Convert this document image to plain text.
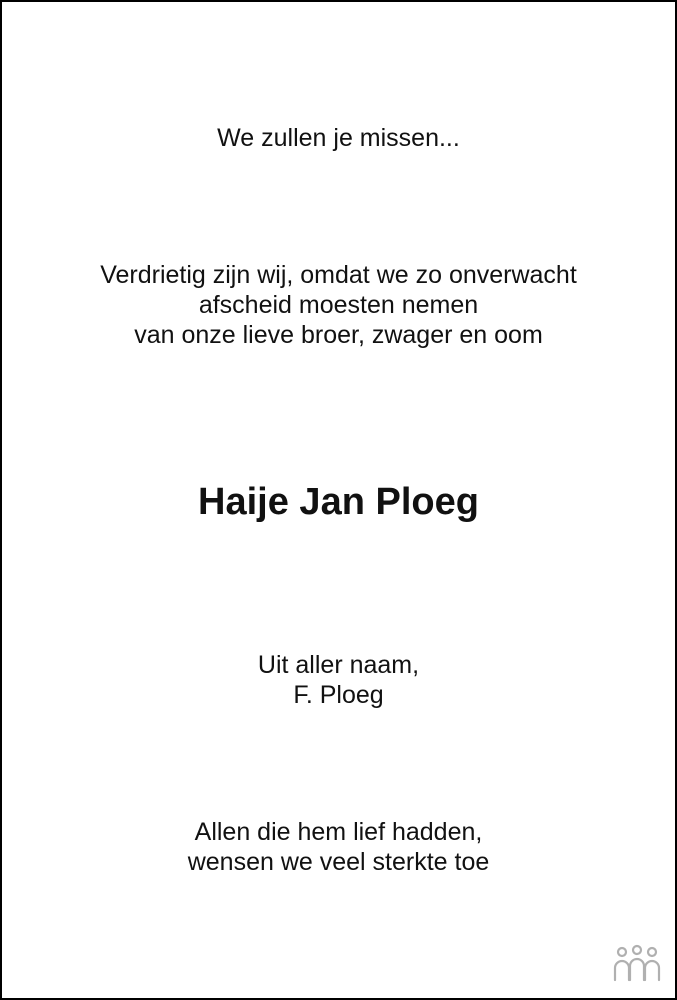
We zullen je missen...
Verdrietig zijn wij, omdat we zo onverwacht
afscheid moesten nemen
van onze lieve broer, zwager en oom
Haije Jan Ploeg
Uit aller naam,
F. Ploeg
Allen die hem lief hadden,
wensen we veel sterkte toe
